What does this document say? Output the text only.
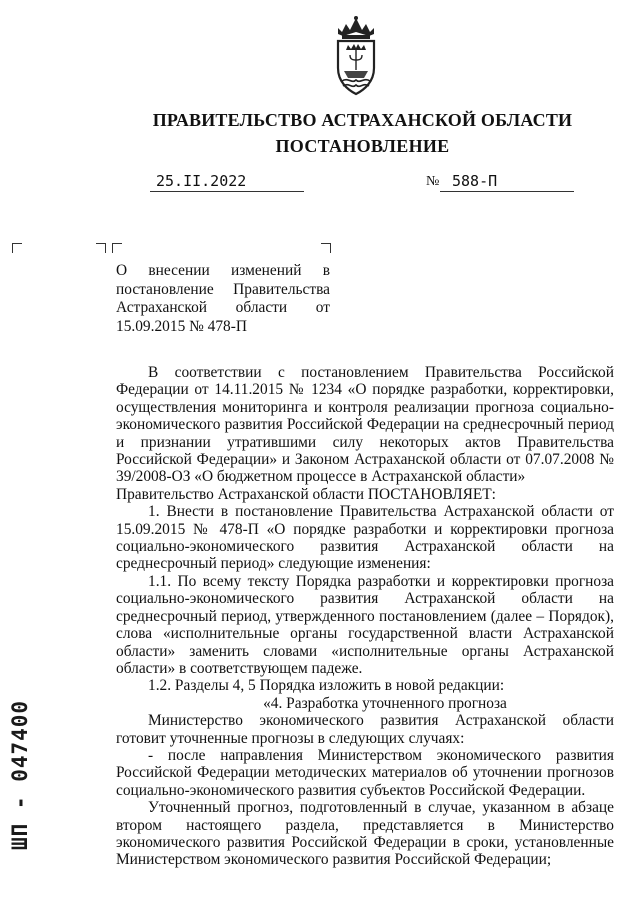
ПРАВИТЕЛЬСТВО АСТРАХАНСКОЙ ОБЛАСТИ
ПОСТАНОВЛЕНИЕ
25.II.2022	№ 588-П
О внесении изменений в постановление Правительства Астраханской области от 15.09.2015 № 478-П

В соответствии с постановлением Правительства Российской Федерации от 14.11.2015 № 1234 «О порядке разработки, корректировки, осуществления мониторинга и контроля реализации прогноза социально-экономического развития Российской Федерации на среднесрочный период и признании утратившими силу некоторых актов Правительства Российской Федерации» и Законом Астраханской области от 07.07.2008 № 39/2008-ОЗ «О бюджетном процессе в Астраханской области»

Правительство Астраханской области ПОСТАНОВЛЯЕТ:

1. Внести в постановление Правительства Астраханской области от 15.09.2015 № 478-П «О порядке разработки и корректировки прогноза социально-экономического развития Астраханской области на среднесрочный период» следующие изменения:

1.1. По всему тексту Порядка разработки и корректировки прогноза социально-экономического развития Астраханской области на среднесрочный период, утвержденного постановлением (далее – Порядок), слова «исполнительные органы государственной власти Астраханской области» заменить словами «исполнительные органы Астраханской области» в соответствующем падеже.

1.2. Разделы 4, 5 Порядка изложить в новой редакции:

«4. Разработка уточненного прогноза

Министерство экономического развития Астраханской области готовит уточненные прогнозы в следующих случаях:

- после направления Министерством экономического развития Российской Федерации методических материалов об уточнении прогнозов социально-экономического развития субъектов Российской Федерации.

Уточненный прогноз, подготовленный в случае, указанном в абзаце втором настоящего раздела, представляется в Министерство экономического развития Российской Федерации в сроки, установленные Министерством экономического развития Российской Федерации;

ШП - 047400
